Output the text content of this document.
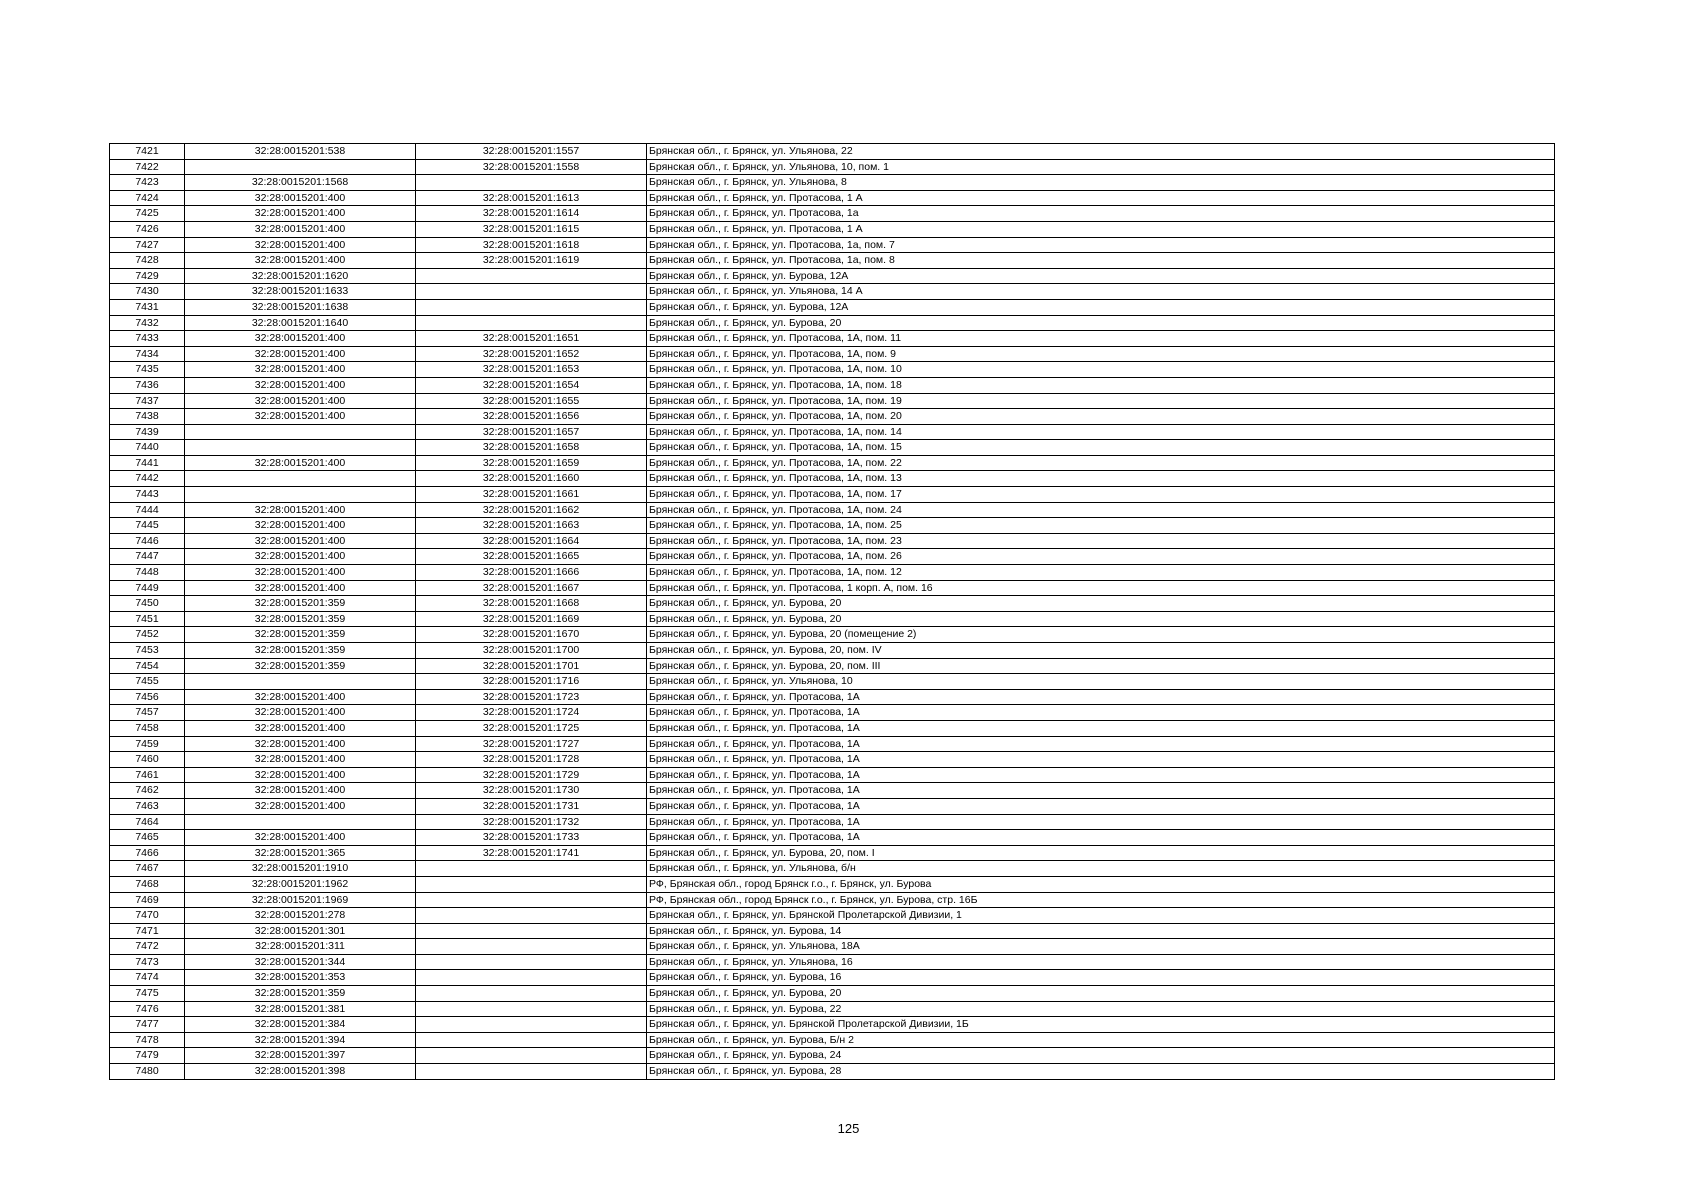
7421	32:28:0015201:538	32:28:0015201:1557	Брянская обл., г. Брянск, ул. Ульянова, 22
7422		32:28:0015201:1558	Брянская обл., г. Брянск, ул. Ульянова, 10, пом. 1
7423	32:28:0015201:1568		Брянская обл., г. Брянск, ул. Ульянова, 8
7424	32:28:0015201:400	32:28:0015201:1613	Брянская обл., г. Брянск, ул. Протасова, 1 А
7425	32:28:0015201:400	32:28:0015201:1614	Брянская обл., г. Брянск, ул. Протасова, 1а
7426	32:28:0015201:400	32:28:0015201:1615	Брянская обл., г. Брянск, ул. Протасова, 1 А
7427	32:28:0015201:400	32:28:0015201:1618	Брянская обл., г. Брянск, ул. Протасова, 1а, пом. 7
7428	32:28:0015201:400	32:28:0015201:1619	Брянская обл., г. Брянск, ул. Протасова, 1а, пом. 8
7429	32:28:0015201:1620		Брянская обл., г. Брянск, ул. Бурова, 12А
7430	32:28:0015201:1633		Брянская обл., г. Брянск, ул. Ульянова, 14 А
7431	32:28:0015201:1638		Брянская обл., г. Брянск, ул. Бурова, 12А
7432	32:28:0015201:1640		Брянская обл., г. Брянск, ул. Бурова, 20
7433	32:28:0015201:400	32:28:0015201:1651	Брянская обл., г. Брянск, ул. Протасова, 1А, пом. 11
7434	32:28:0015201:400	32:28:0015201:1652	Брянская обл., г. Брянск, ул. Протасова, 1А, пом. 9
7435	32:28:0015201:400	32:28:0015201:1653	Брянская обл., г. Брянск, ул. Протасова, 1А, пом. 10
7436	32:28:0015201:400	32:28:0015201:1654	Брянская обл., г. Брянск, ул. Протасова, 1А, пом. 18
7437	32:28:0015201:400	32:28:0015201:1655	Брянская обл., г. Брянск, ул. Протасова, 1А, пом. 19
7438	32:28:0015201:400	32:28:0015201:1656	Брянская обл., г. Брянск, ул. Протасова, 1А, пом. 20
7439		32:28:0015201:1657	Брянская обл., г. Брянск, ул. Протасова, 1А, пом. 14
7440		32:28:0015201:1658	Брянская обл., г. Брянск, ул. Протасова, 1А, пом. 15
7441	32:28:0015201:400	32:28:0015201:1659	Брянская обл., г. Брянск, ул. Протасова, 1А, пом. 22
7442		32:28:0015201:1660	Брянская обл., г. Брянск, ул. Протасова, 1А, пом. 13
7443		32:28:0015201:1661	Брянская обл., г. Брянск, ул. Протасова, 1А, пом. 17
7444	32:28:0015201:400	32:28:0015201:1662	Брянская обл., г. Брянск, ул. Протасова, 1А, пом. 24
7445	32:28:0015201:400	32:28:0015201:1663	Брянская обл., г. Брянск, ул. Протасова, 1А, пом. 25
7446	32:28:0015201:400	32:28:0015201:1664	Брянская обл., г. Брянск, ул. Протасова, 1А, пом. 23
7447	32:28:0015201:400	32:28:0015201:1665	Брянская обл., г. Брянск, ул. Протасова, 1А, пом. 26
7448	32:28:0015201:400	32:28:0015201:1666	Брянская обл., г. Брянск, ул. Протасова, 1А, пом. 12
7449	32:28:0015201:400	32:28:0015201:1667	Брянская обл., г. Брянск, ул. Протасова, 1 корп. А, пом. 16
7450	32:28:0015201:359	32:28:0015201:1668	Брянская обл., г. Брянск, ул. Бурова, 20
7451	32:28:0015201:359	32:28:0015201:1669	Брянская обл., г. Брянск, ул. Бурова, 20
7452	32:28:0015201:359	32:28:0015201:1670	Брянская обл., г. Брянск, ул. Бурова, 20 (помещение 2)
7453	32:28:0015201:359	32:28:0015201:1700	Брянская обл., г. Брянск, ул. Бурова, 20, пом. IV
7454	32:28:0015201:359	32:28:0015201:1701	Брянская обл., г. Брянск, ул. Бурова, 20, пом. III
7455		32:28:0015201:1716	Брянская обл., г. Брянск, ул. Ульянова, 10
7456	32:28:0015201:400	32:28:0015201:1723	Брянская обл., г. Брянск, ул. Протасова, 1А
7457	32:28:0015201:400	32:28:0015201:1724	Брянская обл., г. Брянск, ул. Протасова, 1А
7458	32:28:0015201:400	32:28:0015201:1725	Брянская обл., г. Брянск, ул. Протасова, 1А
7459	32:28:0015201:400	32:28:0015201:1727	Брянская обл., г. Брянск, ул. Протасова, 1А
7460	32:28:0015201:400	32:28:0015201:1728	Брянская обл., г. Брянск, ул. Протасова, 1А
7461	32:28:0015201:400	32:28:0015201:1729	Брянская обл., г. Брянск, ул. Протасова, 1А
7462	32:28:0015201:400	32:28:0015201:1730	Брянская обл., г. Брянск, ул. Протасова, 1А
7463	32:28:0015201:400	32:28:0015201:1731	Брянская обл., г. Брянск, ул. Протасова, 1А
7464		32:28:0015201:1732	Брянская обл., г. Брянск, ул. Протасова, 1А
7465	32:28:0015201:400	32:28:0015201:1733	Брянская обл., г. Брянск, ул. Протасова, 1А
7466	32:28:0015201:365	32:28:0015201:1741	Брянская обл., г. Брянск, ул. Бурова, 20, пом. I
7467	32:28:0015201:1910		Брянская обл., г. Брянск, ул. Ульянова, б/н
7468	32:28:0015201:1962		РФ, Брянская обл., город Брянск г.о., г. Брянск, ул. Бурова
7469	32:28:0015201:1969		РФ, Брянская обл., город Брянск г.о., г. Брянск, ул. Бурова, стр. 16Б
7470	32:28:0015201:278		Брянская обл., г. Брянск, ул. Брянской Пролетарской Дивизии, 1
7471	32:28:0015201:301		Брянская обл., г. Брянск, ул. Бурова, 14
7472	32:28:0015201:311		Брянская обл., г. Брянск, ул. Ульянова, 18А
7473	32:28:0015201:344		Брянская обл., г. Брянск, ул. Ульянова, 16
7474	32:28:0015201:353		Брянская обл., г. Брянск, ул. Бурова, 16
7475	32:28:0015201:359		Брянская обл., г. Брянск, ул. Бурова, 20
7476	32:28:0015201:381		Брянская обл., г. Брянск, ул. Бурова, 22
7477	32:28:0015201:384		Брянская обл., г. Брянск, ул. Брянской Пролетарской Дивизии, 1Б
7478	32:28:0015201:394		Брянская обл., г. Брянск, ул. Бурова, Б/н 2
7479	32:28:0015201:397		Брянская обл., г. Брянск, ул. Бурова, 24
7480	32:28:0015201:398		Брянская обл., г. Брянск, ул. Бурова, 28
125
